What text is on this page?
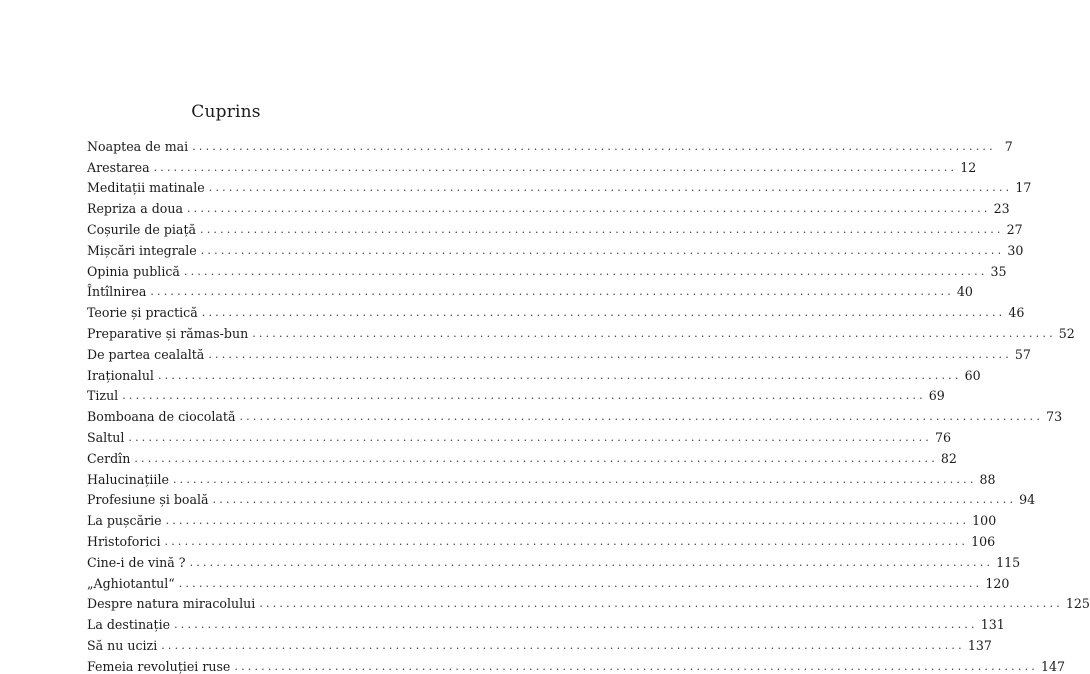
Cuprins
Noaptea de mai ........................................................................................................................ 7
Arestarea ........................................................................................................................ 12
Meditații matinale ........................................................................................................................ 17
Repriza a doua ........................................................................................................................ 23
Coșurile de piață ........................................................................................................................ 27
Mișcări integrale ........................................................................................................................ 30
Opinia publică ........................................................................................................................ 35
Întîlnirea ........................................................................................................................ 40
Teorie și practică ........................................................................................................................ 46
Preparative și rămas-bun ........................................................................................................................ 52
De partea cealaltă ........................................................................................................................ 57
Iraționalul ........................................................................................................................ 60
Tizul ........................................................................................................................ 69
Bomboana de ciocolată ........................................................................................................................ 73
Saltul ........................................................................................................................ 76
Cerdîn ........................................................................................................................ 82
Halucinațiile ........................................................................................................................ 88
Profesiune și boală ........................................................................................................................ 94
La pușcărie ........................................................................................................................ 100
Hristoforici ........................................................................................................................ 106
Cine-i de vină ? ........................................................................................................................ 115
„Aghiotantul“ ........................................................................................................................ 120
Despre natura miracolului ........................................................................................................................ 125
La destinație ........................................................................................................................ 131
Să nu ucizi ........................................................................................................................ 137
Femeia revoluției ruse ........................................................................................................................ 147
